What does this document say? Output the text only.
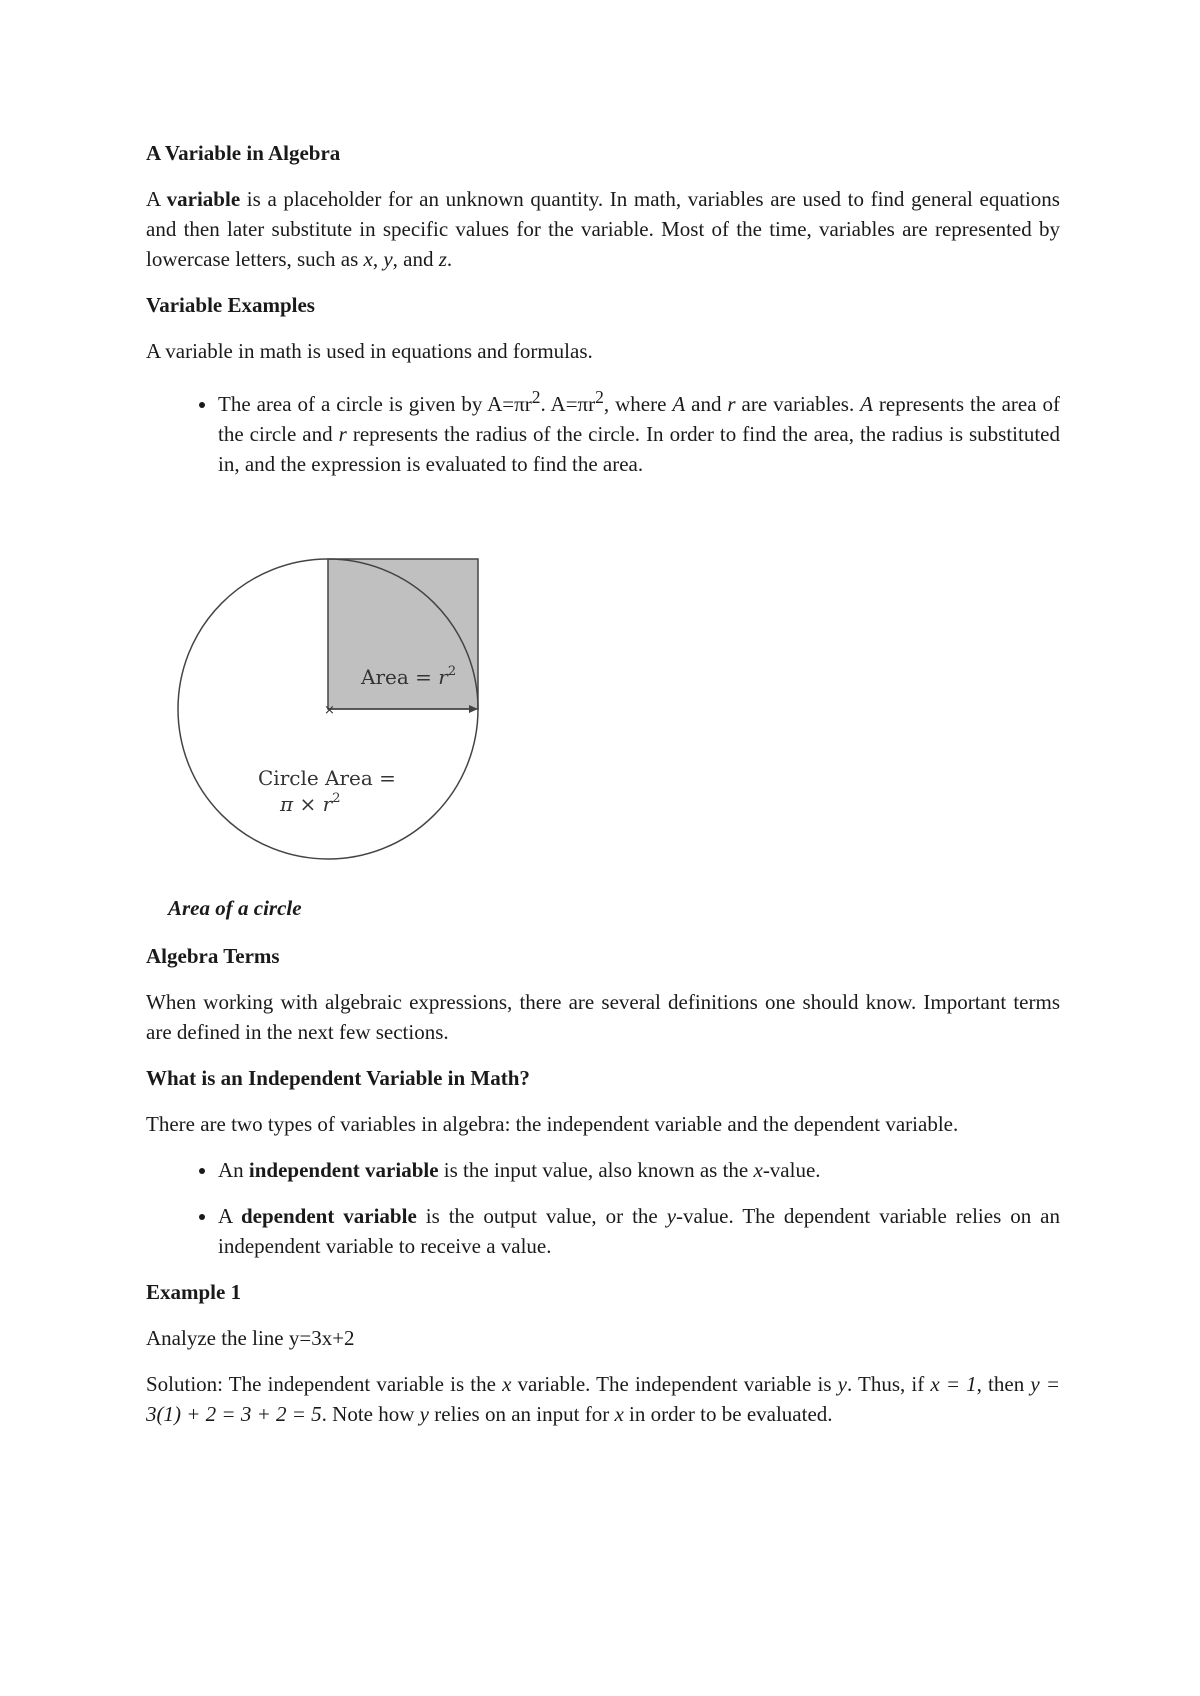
A Variable in Algebra

A variable is a placeholder for an unknown quantity. In math, variables are used to find general equations and then later substitute in specific values for the variable. Most of the time, variables are represented by lowercase letters, such as x, y, and z.

Variable Examples

A variable in math is used in equations and formulas.

• The area of a circle is given by $A=\pi r^2$. $A=\pi r^2$, where A and r are variables. A represents the area of the circle and r represents the radius of the circle. In order to find the area, the radius is substituted in, and the expression is evaluated to find the area.
×
Area = $r^2$
Circle Area =
$\pi \times r^2$

Area of a circle

Algebra Terms

When working with algebraic expressions, there are several definitions one should know. Important terms are defined in the next few sections.

What is an Independent Variable in Math?

There are two types of variables in algebra: the independent variable and the dependent variable.

• An independent variable is the input value, also known as the x-value.
• A dependent variable is the output value, or the y-value. The dependent variable relies on an independent variable to receive a value.
Example 1

Analyze the line y=3x+2

Solution: The independent variable is the x variable. The independent variable is y. Thus, if x = 1, then y = 3(1) + 2 = 3 + 2 = 5. Note how y relies on an input for x in order to be evaluated.
